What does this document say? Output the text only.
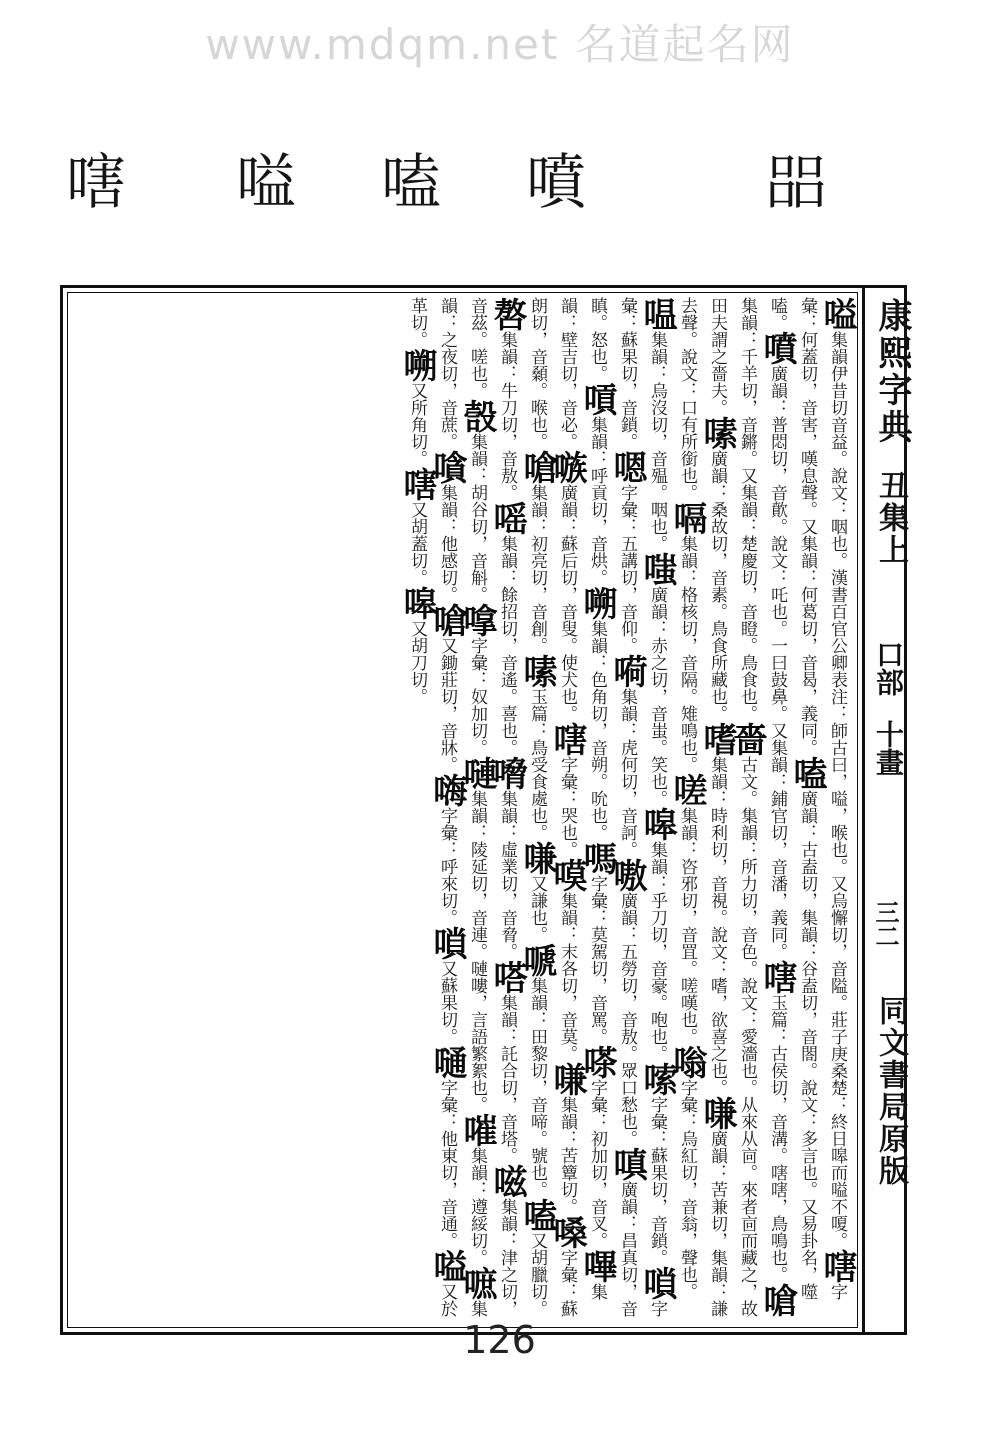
www.mdqm.net 名道起名网
㗊
噴
嗑
嗌
嗐
康熙字典
丑集上
口部
十畫
三二
同文書局原版
嗌集韻伊昔切音益。說文：咽也。漢書百官公卿表注：師古曰，嗌，喉也。又烏懈切，音隘。莊子庚桑楚：終日嗥而嗌不嗄。嗐字彙：何蓋切，音害，嘆息聲。又集韻：何葛切，音曷，義同。嗑廣韻：古盍切，集韻：谷盍切，音閤。說文：多言也。又易卦名，噬嗑。噴廣韻：普悶切，音歕。說文：吒也。一曰鼓鼻。又集韻：鋪官切，音潘，義同。嗐玉篇：古侯切，音溝。嗐嗐，鳥鳴也。嗆集韻：千羊切，音鏘。又集韻：楚慶切，音瞪。鳥食也。嗇古文。集韻：所力切，音色。說文：愛濇也。从來从㐭。來者㐭而藏之，故田夫謂之嗇夫。嗉廣韻：桑故切，音素。鳥食所藏也。嗜集韻：時利切，音視。說文：嗜，欲喜之也。嗛廣韻：苦兼切，集韻：謙去聲。說文：口有所銜也。嗝集韻：格核切，音隔。雉鳴也。嗟集韻：咨邪切，音罝。嗟嘆也。嗡字彙：烏紅切，音翁，聲也。嗢集韻：烏沒切，音殟。咽也。嗤廣韻：赤之切，音蚩。笑也。嗥集韻：乎刀切，音豪。咆也。嗦字彙：蘇果切，音鎖。嗩字彙：蘇果切，音鎖。嗯字彙：五講切，音仰。嗬集韻：虎何切，音訶。嗷廣韻：五勞切，音敖。眾口愁也。嗔廣韻：昌真切，音瞋。怒也。嗊集韻：呼貢切，音烘。嗍集韻：色角切，音朔。吮也。嗎字彙：莫駕切，音罵。嗏字彙：初加切，音叉。嗶集韻：壁吉切，音必。嗾廣韻：蘇后切，音叟。使犬也。嗐字彙：哭也。嗼集韻：末各切，音莫。嗛集韻：苦簟切。嗓字彙：蘇朗切，音顙。喉也。嗆集韻：初亮切，音創。嗉玉篇：鳥受食處也。嗛又謙也。嗁集韻：田黎切，音啼。號也。嗑又胡臘切。嗸集韻：牛刀切，音敖。嗂集韻：餘招切，音遙。喜也。嗋集韻：虛業切，音脅。嗒集韻：託合切，音塔。嗞集韻：津之切，音茲。嗟也。嗀集韻：胡谷切，音斛。嗱字彙：奴加切。嗹集韻：陵延切，音連。嗹嘍，言語繁絮也。嗺集韻：遵綏切。嗻集韻：之夜切，音蔗。嗿集韻：他感切。嗆又鋤莊切，音牀。嗨字彙：呼來切。嗩又蘇果切。嗵字彙：他東切，音通。嗌又於革切。嗍又所角切。嗐又胡蓋切。嗥又胡刀切。
126
